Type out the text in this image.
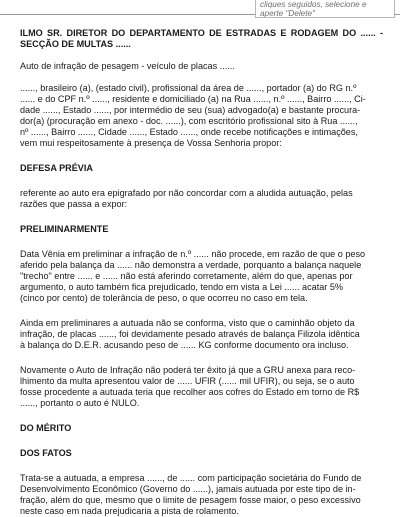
cliques seguidos, selecione e
aperte "Delete"
ILMO SR. DIRETOR DO DEPARTAMENTO DE ESTRADAS E RODAGEM DO ...... - SECÇÃO DE MULTAS ......

Auto de infração de pesagem - veículo de placas ......

......, brasileiro (a), (estado civil), profissional da área de ......, portador (a) do RG n.º
...... e do CPF n.º ......, residente e domiciliado (a) na Rua ......, n.º ......, Bairro ......, Ci-
dade ......, Estado ......, por intermédio de seu (sua) advogado(a) e bastante procura-
dor(a) (procuração em anexo - doc. ......), com escritório profissional sito à Rua ......,
nº ......, Bairro ......, Cidade ......, Estado ......, onde recebe notificações e intimações,
vem mui respeitosamente à presença de Vossa Senhoria propor:

DEFESA PRÉVIA

referente ao auto era epigrafado por não concordar com a aludida autuação, pelas
razões que passa a expor:

PRELIMINARMENTE

Data Vênia em preliminar a infração de n.º ...... não procede, em razão de que o peso
aferido pela balança da ...... não demonstra a verdade, porquanto a balança naquele
"trecho" entre ...... e ...... não está aferindo corretamente, além do que, apenas por
argumento, o auto também fica prejudicado, tendo em vista a Lei ...... acatar 5%
(cinco por cento) de tolerância de peso, o que ocorreu no caso em tela.
Ainda em preliminares a autuada não se conforma, visto que o caminhão objeto da
infração, de placas ......, foi devidamente pesado através de balança Filizola idêntica
à balança do D.E.R. acusando peso de ...... KG conforme documento ora incluso.
Novamente o Auto de Infração não poderá ter êxito já que a GRU anexa para reco-
lhimento da multa apresentou valor de ...... UFIR (...... mil UFIR), ou seja, se o auto
fosse procedente a autuada teria que recolher aos cofres do Estado em torno de R$
......, portanto o auto é NULO.

DO MÉRITO

DOS FATOS

Trata-se a autuada, a empresa ......, de ...... com participação societária do Fundo de
Desenvolvimento Econômico (Governo do ......), jamais autuada por este tipo de in-
fração, além do que, mesmo que o limite de pesagem fosse maior, o peso excessivo
neste caso em nada prejudicaria a pista de rolamento.
